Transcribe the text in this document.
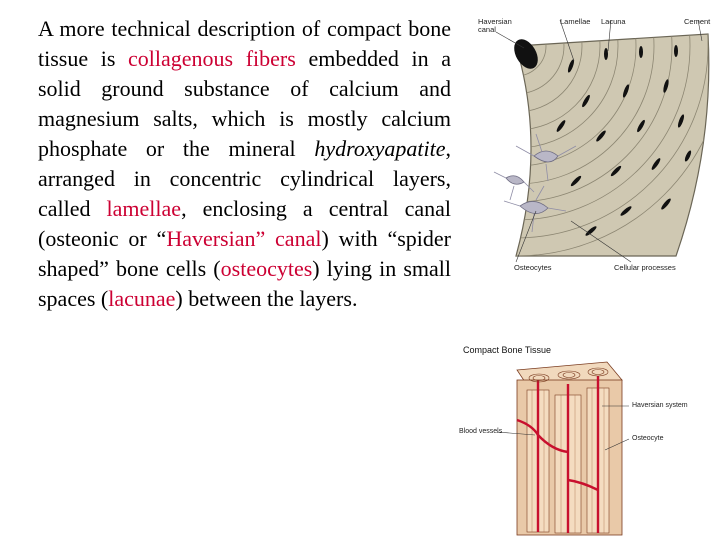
A more technical description of compact bone tissue is collagenous fibers embedded in a solid ground substance of calcium and magnesium salts, which is mostly calcium phosphate or the mineral hydroxyapatite, arranged in concentric cylindrical layers, called lamellae, enclosing a central canal (osteonic or “Haversian” canal) with “spider shaped” bone cells (osteocytes) lying in small spaces (lacunae) between the layers.

Haversian canal
Lamellae Lacuna	Cement
Osteocytes	Cellular processes
Compact Bone Tissue
Haversian system
Blood vessels
Osteocyte
